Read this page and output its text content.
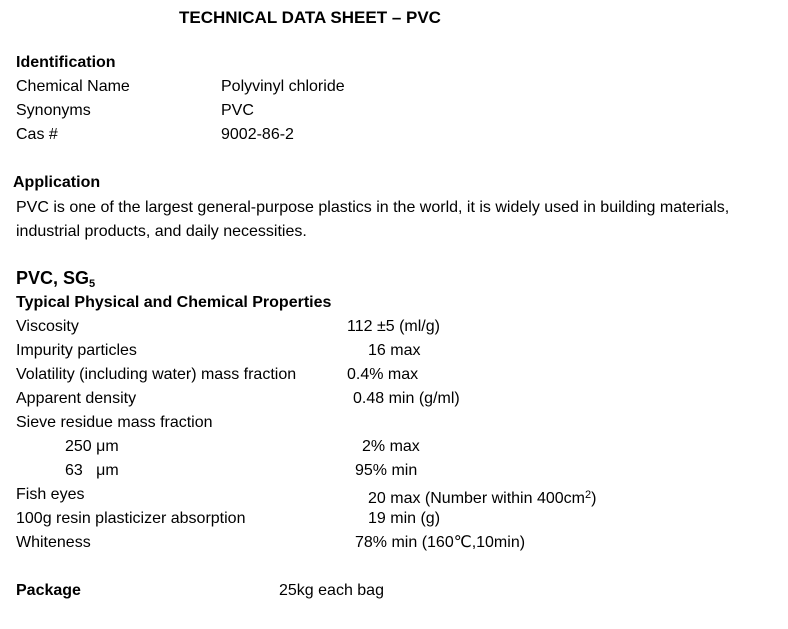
TECHNICAL DATA SHEET – PVC
Identification
Chemical Name	Polyvinyl chloride
Synonyms	PVC
Cas #	9002-86-2
Application
PVC is one of the largest general-purpose plastics in the world, it is widely used in building materials,
industrial products, and daily necessities.
PVC, $SG_5$
Typical Physical and Chemical Properties
Viscosity	112 ±5 (ml/g)
Impurity particles	16 max
Volatility (including water) mass fraction	0.4% max
Apparent density	0.48 min (g/ml)
Sieve residue mass fraction
250 μm	2% max
63   μm	95% min
Fish eyes	20 max (Number within $400cm^2$)
100g resin plasticizer absorption	19 min (g)
Whiteness	78% min (160℃,10min)
Package	25kg each bag
